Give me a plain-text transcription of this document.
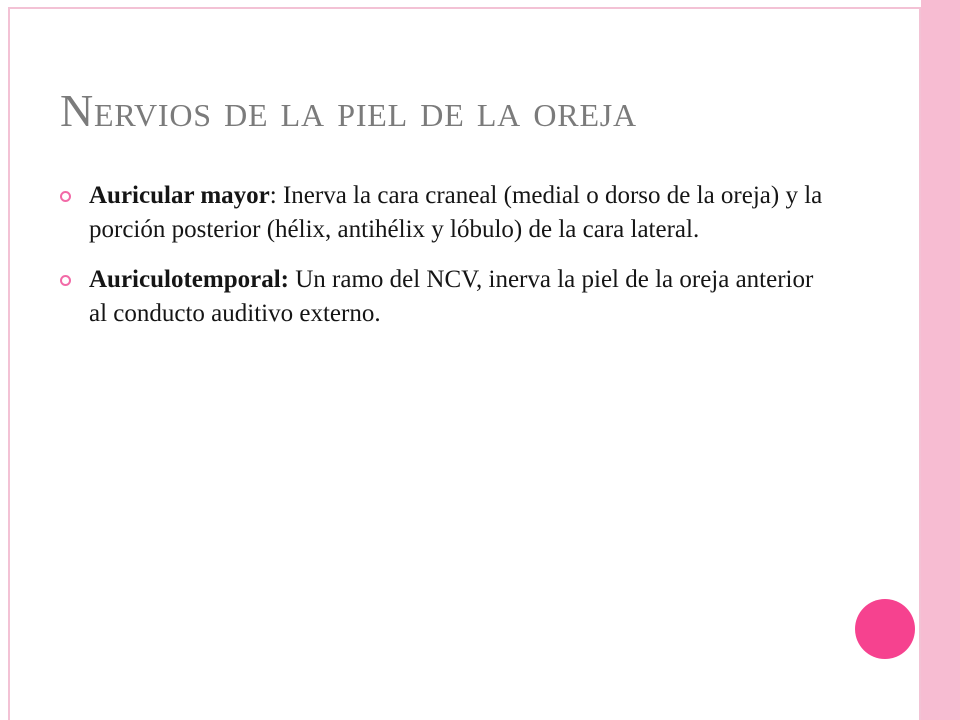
Nervios de la piel de la oreja
Auricular mayor: Inerva la cara craneal (medial o dorso de la oreja) y la porción posterior (hélix, antihélix y lóbulo) de la cara lateral.
Auriculotemporal: Un ramo del NCV, inerva la piel de la oreja anterior al conducto auditivo externo.
